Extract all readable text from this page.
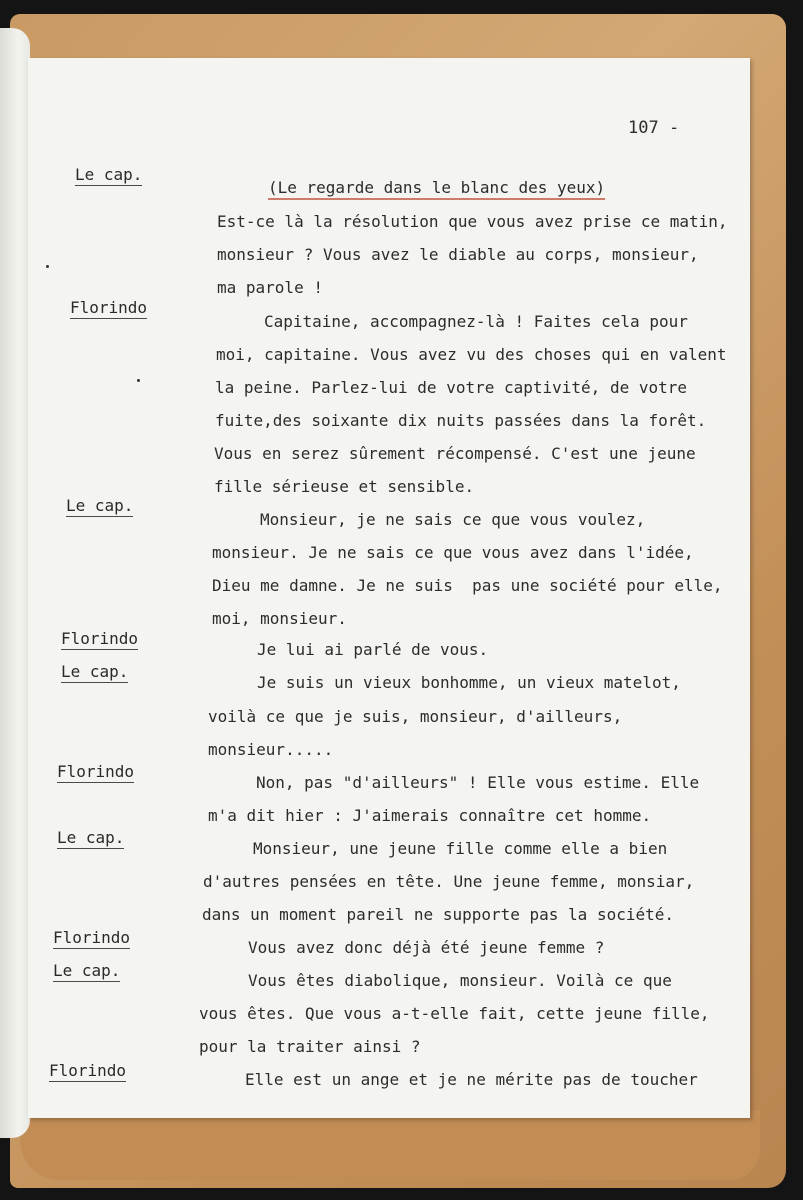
107 -
Le cap.
Florindo
Le cap.
Florindo
Le cap.
Florindo
Le cap.
Florindo
Le cap.
Florindo
(Le regarde dans le blanc des yeux)
Est-ce là la résolution que vous avez prise ce matin,
monsieur ? Vous avez le diable au corps, monsieur,
ma parole !
Capitaine, accompagnez-là ! Faites cela pour
moi, capitaine. Vous avez vu des choses qui en valent
la peine. Parlez-lui de votre captivité, de votre
fuite,des soixante dix nuits passées dans la forêt.
Vous en serez sûrement récompensé. C'est une jeune
fille sérieuse et sensible.
Monsieur, je ne sais ce que vous voulez,
monsieur. Je ne sais ce que vous avez dans l'idée,
Dieu me damne. Je ne suis  pas une société pour elle,
moi, monsieur.
Je lui ai parlé de vous.
Je suis un vieux bonhomme, un vieux matelot,
voilà ce que je suis, monsieur, d'ailleurs,
monsieur.....
Non, pas "d'ailleurs" ! Elle vous estime. Elle
m'a dit hier : J'aimerais connaître cet homme.
Monsieur, une jeune fille comme elle a bien
d'autres pensées en tête. Une jeune femme, monsiar,
dans un moment pareil ne supporte pas la société.
Vous avez donc déjà été jeune femme ?
Vous êtes diabolique, monsieur. Voilà ce que
vous êtes. Que vous a-t-elle fait, cette jeune fille,
pour la traiter ainsi ?
Elle est un ange et je ne mérite pas de toucher
